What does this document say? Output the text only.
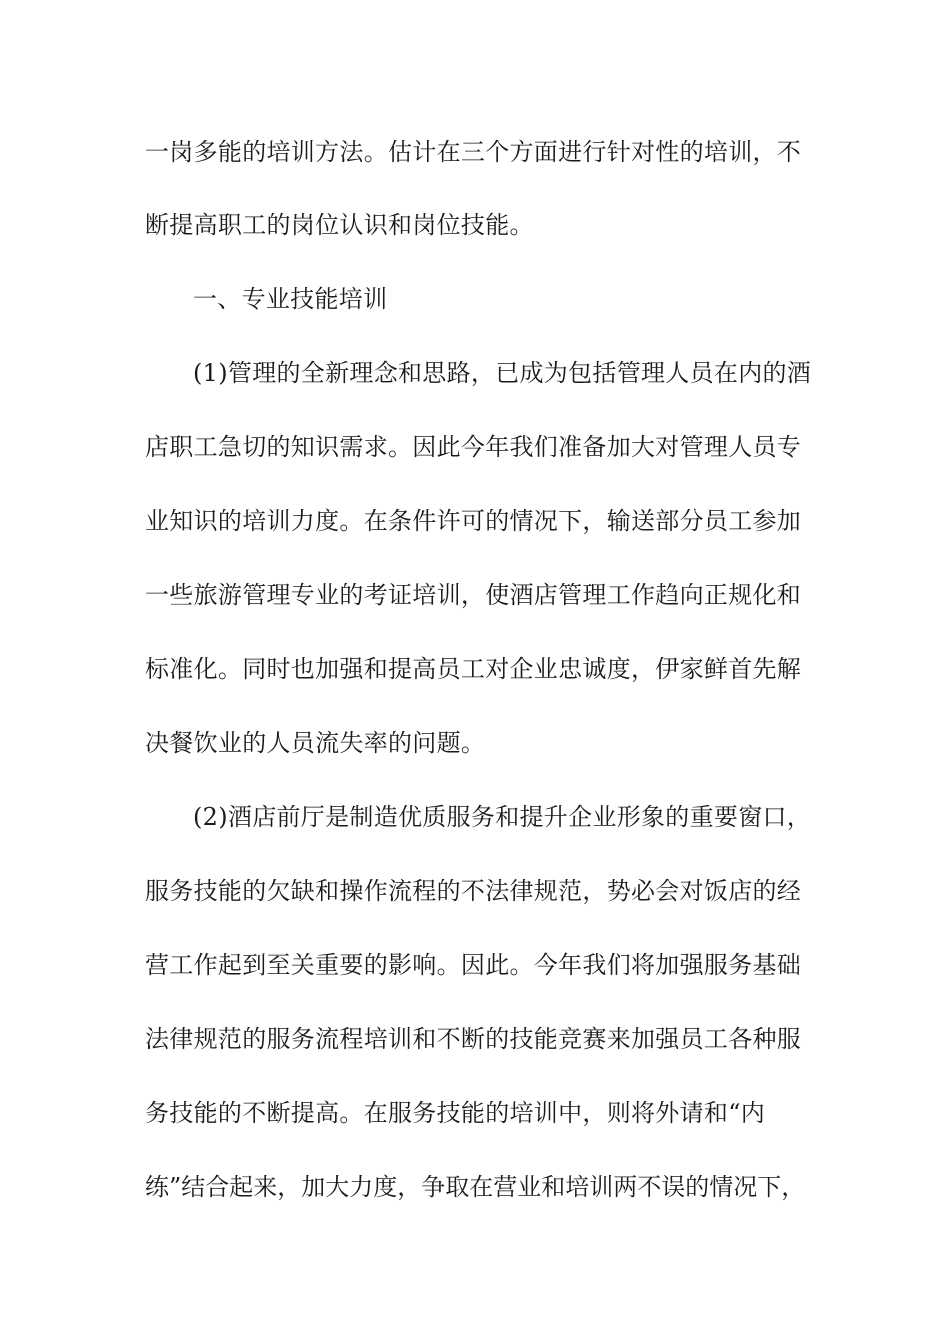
一岗多能的培训方法。估计在三个方面进行针对性的培训，不
断提高职工的岗位认识和岗位技能。
一、专业技能培训
(1)管理的全新理念和思路，已成为包括管理人员在内的酒
店职工急切的知识需求。因此今年我们准备加大对管理人员专
业知识的培训力度。在条件许可的情况下，输送部分员工参加
一些旅游管理专业的考证培训，使酒店管理工作趋向正规化和
标准化。同时也加强和提高员工对企业忠诚度，伊家鲜首先解
决餐饮业的人员流失率的问题。
(2)酒店前厅是制造优质服务和提升企业形象的重要窗口，
服务技能的欠缺和操作流程的不法律规范，势必会对饭店的经
营工作起到至关重要的影响。因此。今年我们将加强服务基础
法律规范的服务流程培训和不断的技能竞赛来加强员工各种服
务技能的不断提高。在服务技能的培训中，则将外请和“内
练”结合起来，加大力度，争取在营业和培训两不误的情况下，
